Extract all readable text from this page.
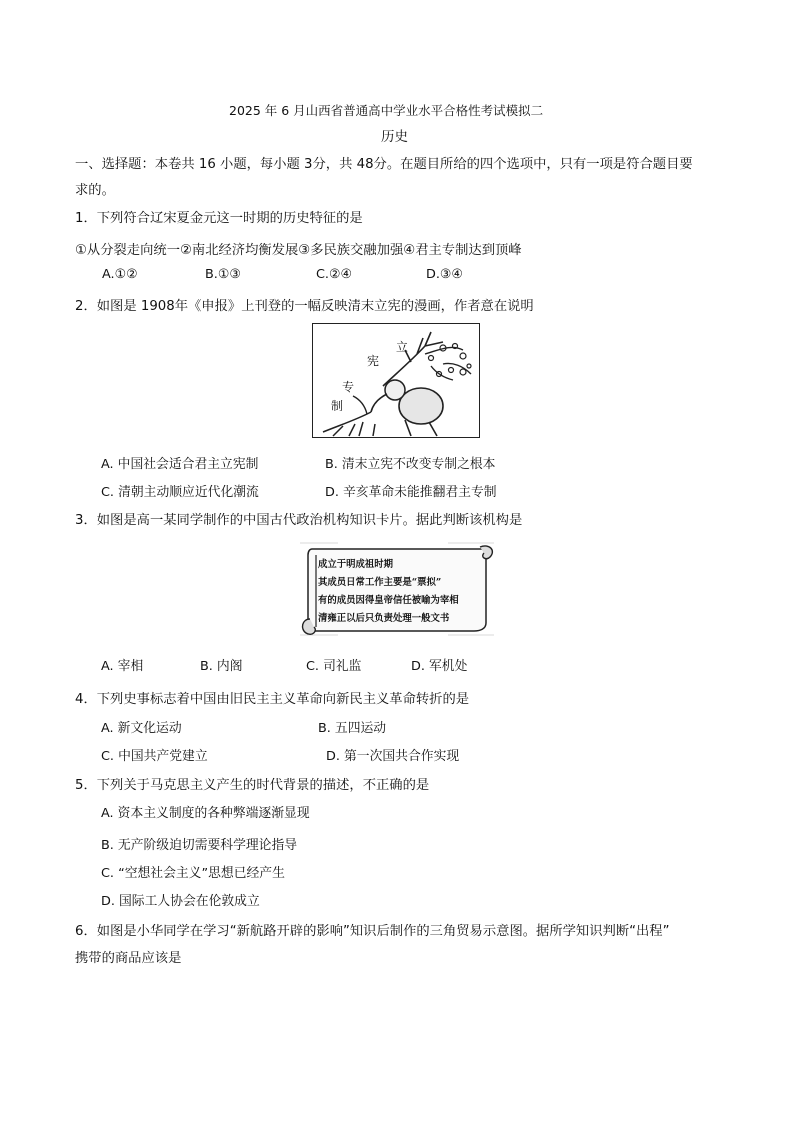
2025 年 6 月山西省普通高中学业水平合格性考试模拟二
历史
一、选择题：本卷共 16 小题，每小题 3分，共 48分。在题目所给的四个选项中，只有一项是符合题目要
求的。
1．下列符合辽宋夏金元这一时期的历史特征的是
①从分裂走向统一②南北经济均衡发展③多民族交融加强④君主专制达到顶峰
A.①②	B.①③	C.②④	D.③④
2．如图是 1908年《申报》上刊登的一幅反映清末立宪的漫画，作者意在说明
立
宪
专
制
A. 中国社会适合君主立宪制	B. 清末立宪不改变专制之根本
C. 清朝主动顺应近代化潮流	D. 辛亥革命未能推翻君主专制
3．如图是高一某同学制作的中国古代政治机构知识卡片。据此判断该机构是
成立于明成祖时期
其成员日常工作主要是“票拟”
有的成员因得皇帝信任被喻为宰相
清雍正以后只负责处理一般文书
A. 宰相	B. 内阁	C. 司礼监	D. 军机处
4．下列史事标志着中国由旧民主主义革命向新民主义革命转折的是
A. 新文化运动	B. 五四运动
C. 中国共产党建立	D. 第一次国共合作实现
5．下列关于马克思主义产生的时代背景的描述，不正确的是
A. 资本主义制度的各种弊端逐渐显现
B. 无产阶级迫切需要科学理论指导
C. “空想社会主义”思想已经产生
D. 国际工人协会在伦敦成立
6．如图是小华同学在学习“新航路开辟的影响”知识后制作的三角贸易示意图。据所学知识判断“出程”
携带的商品应该是
